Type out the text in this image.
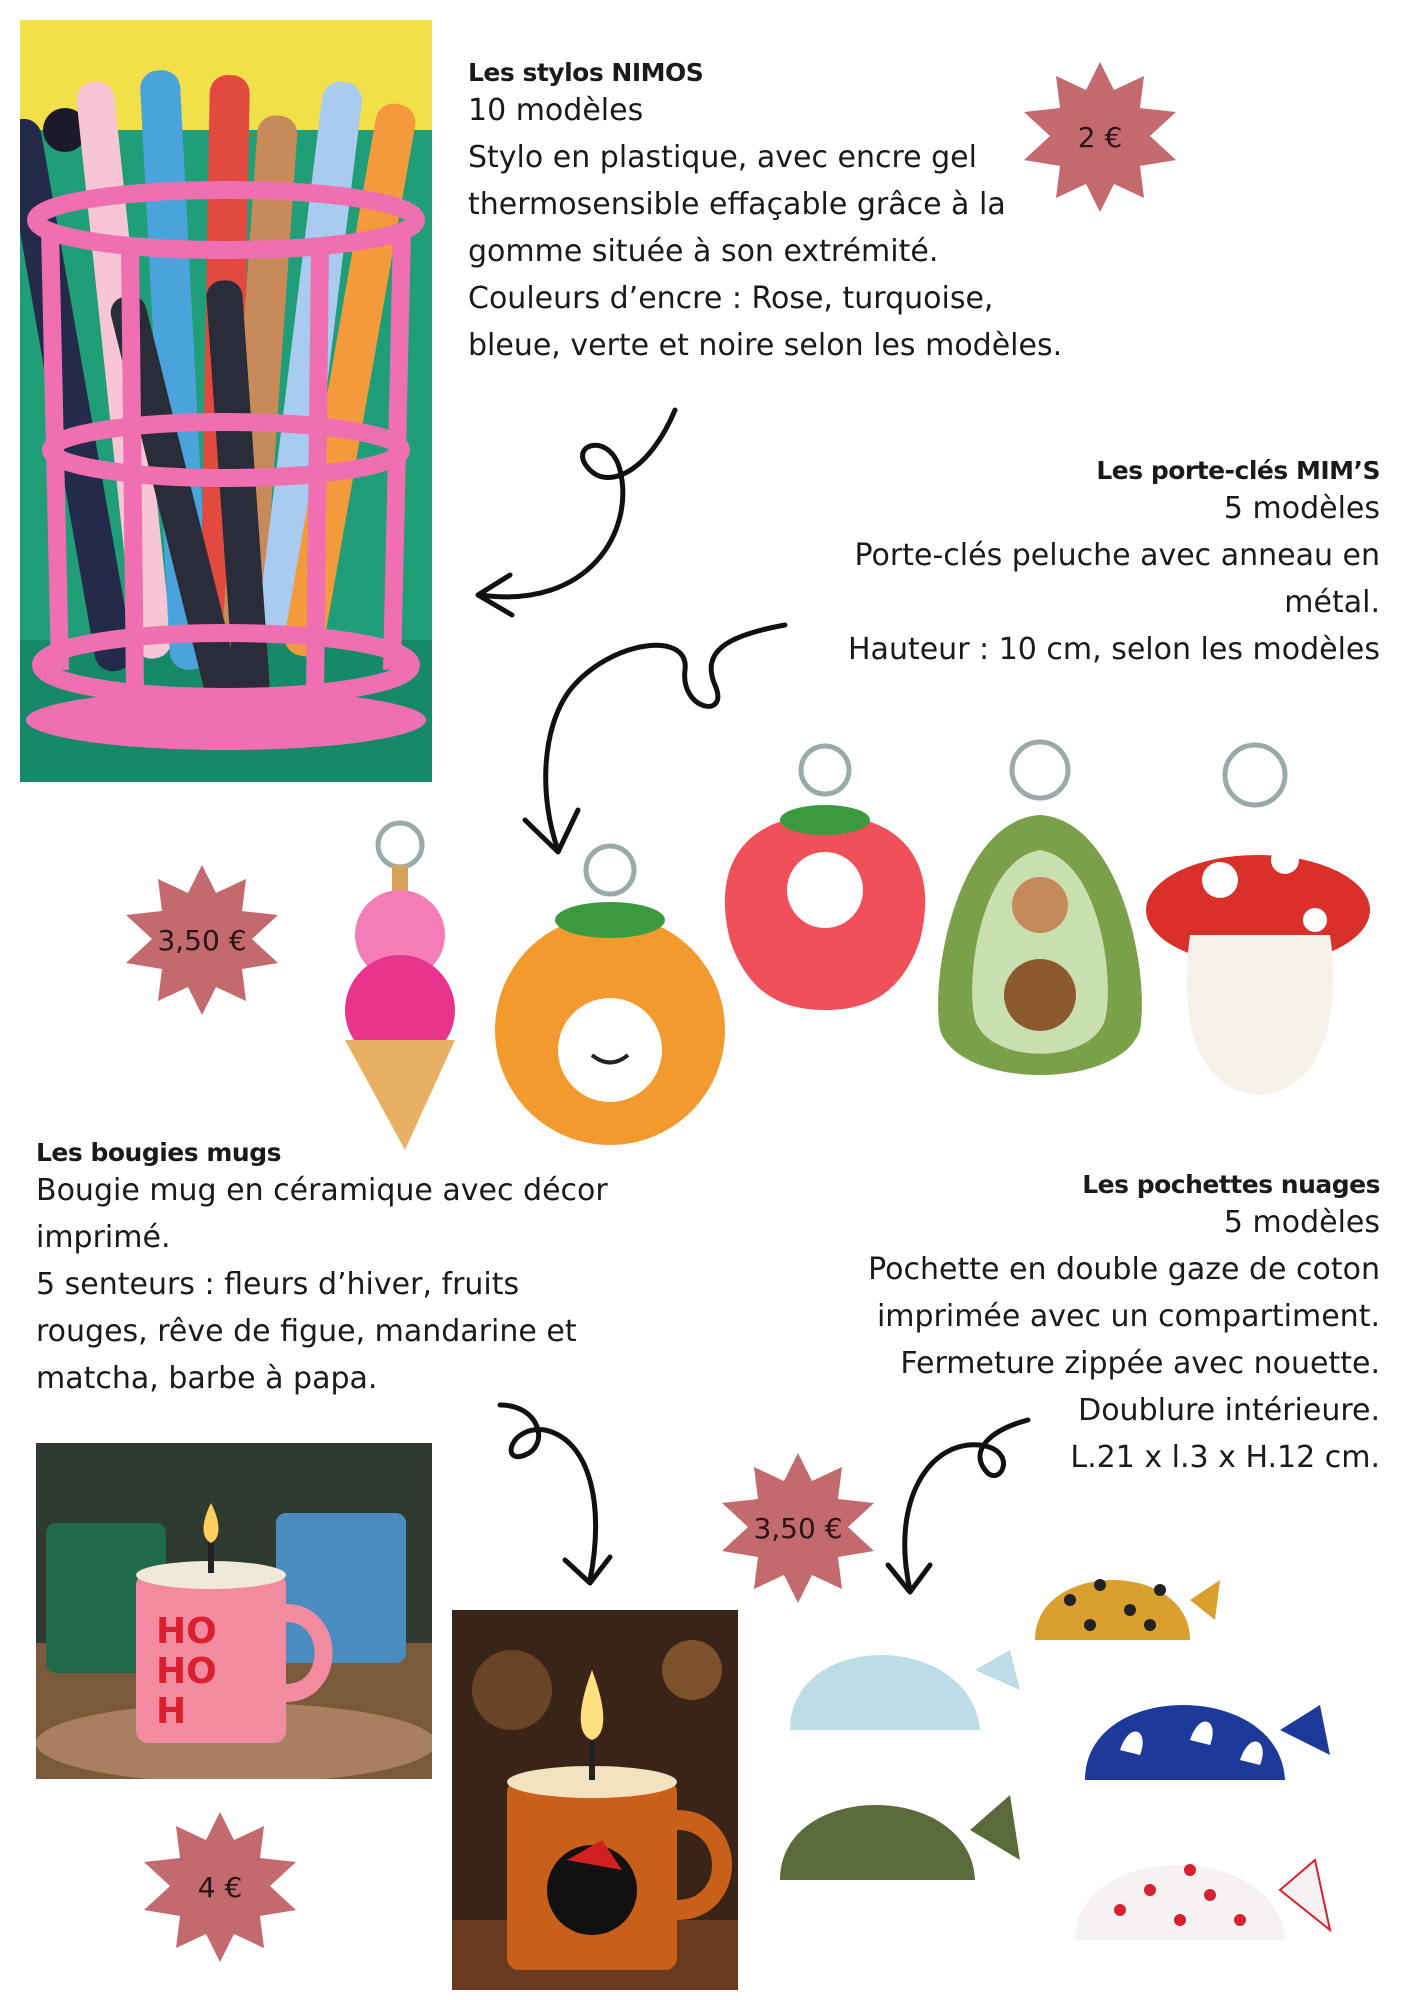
Les stylos NIMOS
10 modèles
Stylo en plastique, avec encre gel
thermosensible effaçable grâce à la
gomme située à son extrémité.
Couleurs d’encre : Rose, turquoise,
bleue, verte et noire selon les modèles.
2 €
Les porte-clés MIM’S
5 modèles
Porte-clés peluche avec anneau en
métal.
Hauteur : 10 cm, selon les modèles
3,50 €
Les bougies mugs
Bougie mug en céramique avec décor
imprimé.
5 senteurs : fleurs d’hiver, fruits
rouges, rêve de figue, mandarine et
matcha, barbe à papa.
Les pochettes nuages
5 modèles
Pochette en double gaze de coton
imprimée avec un compartiment.
Fermeture zippée avec nouette.
Doublure intérieure.
L.21 x l.3 x H.12 cm.
HO
HO
H
3,50 €
4 €
